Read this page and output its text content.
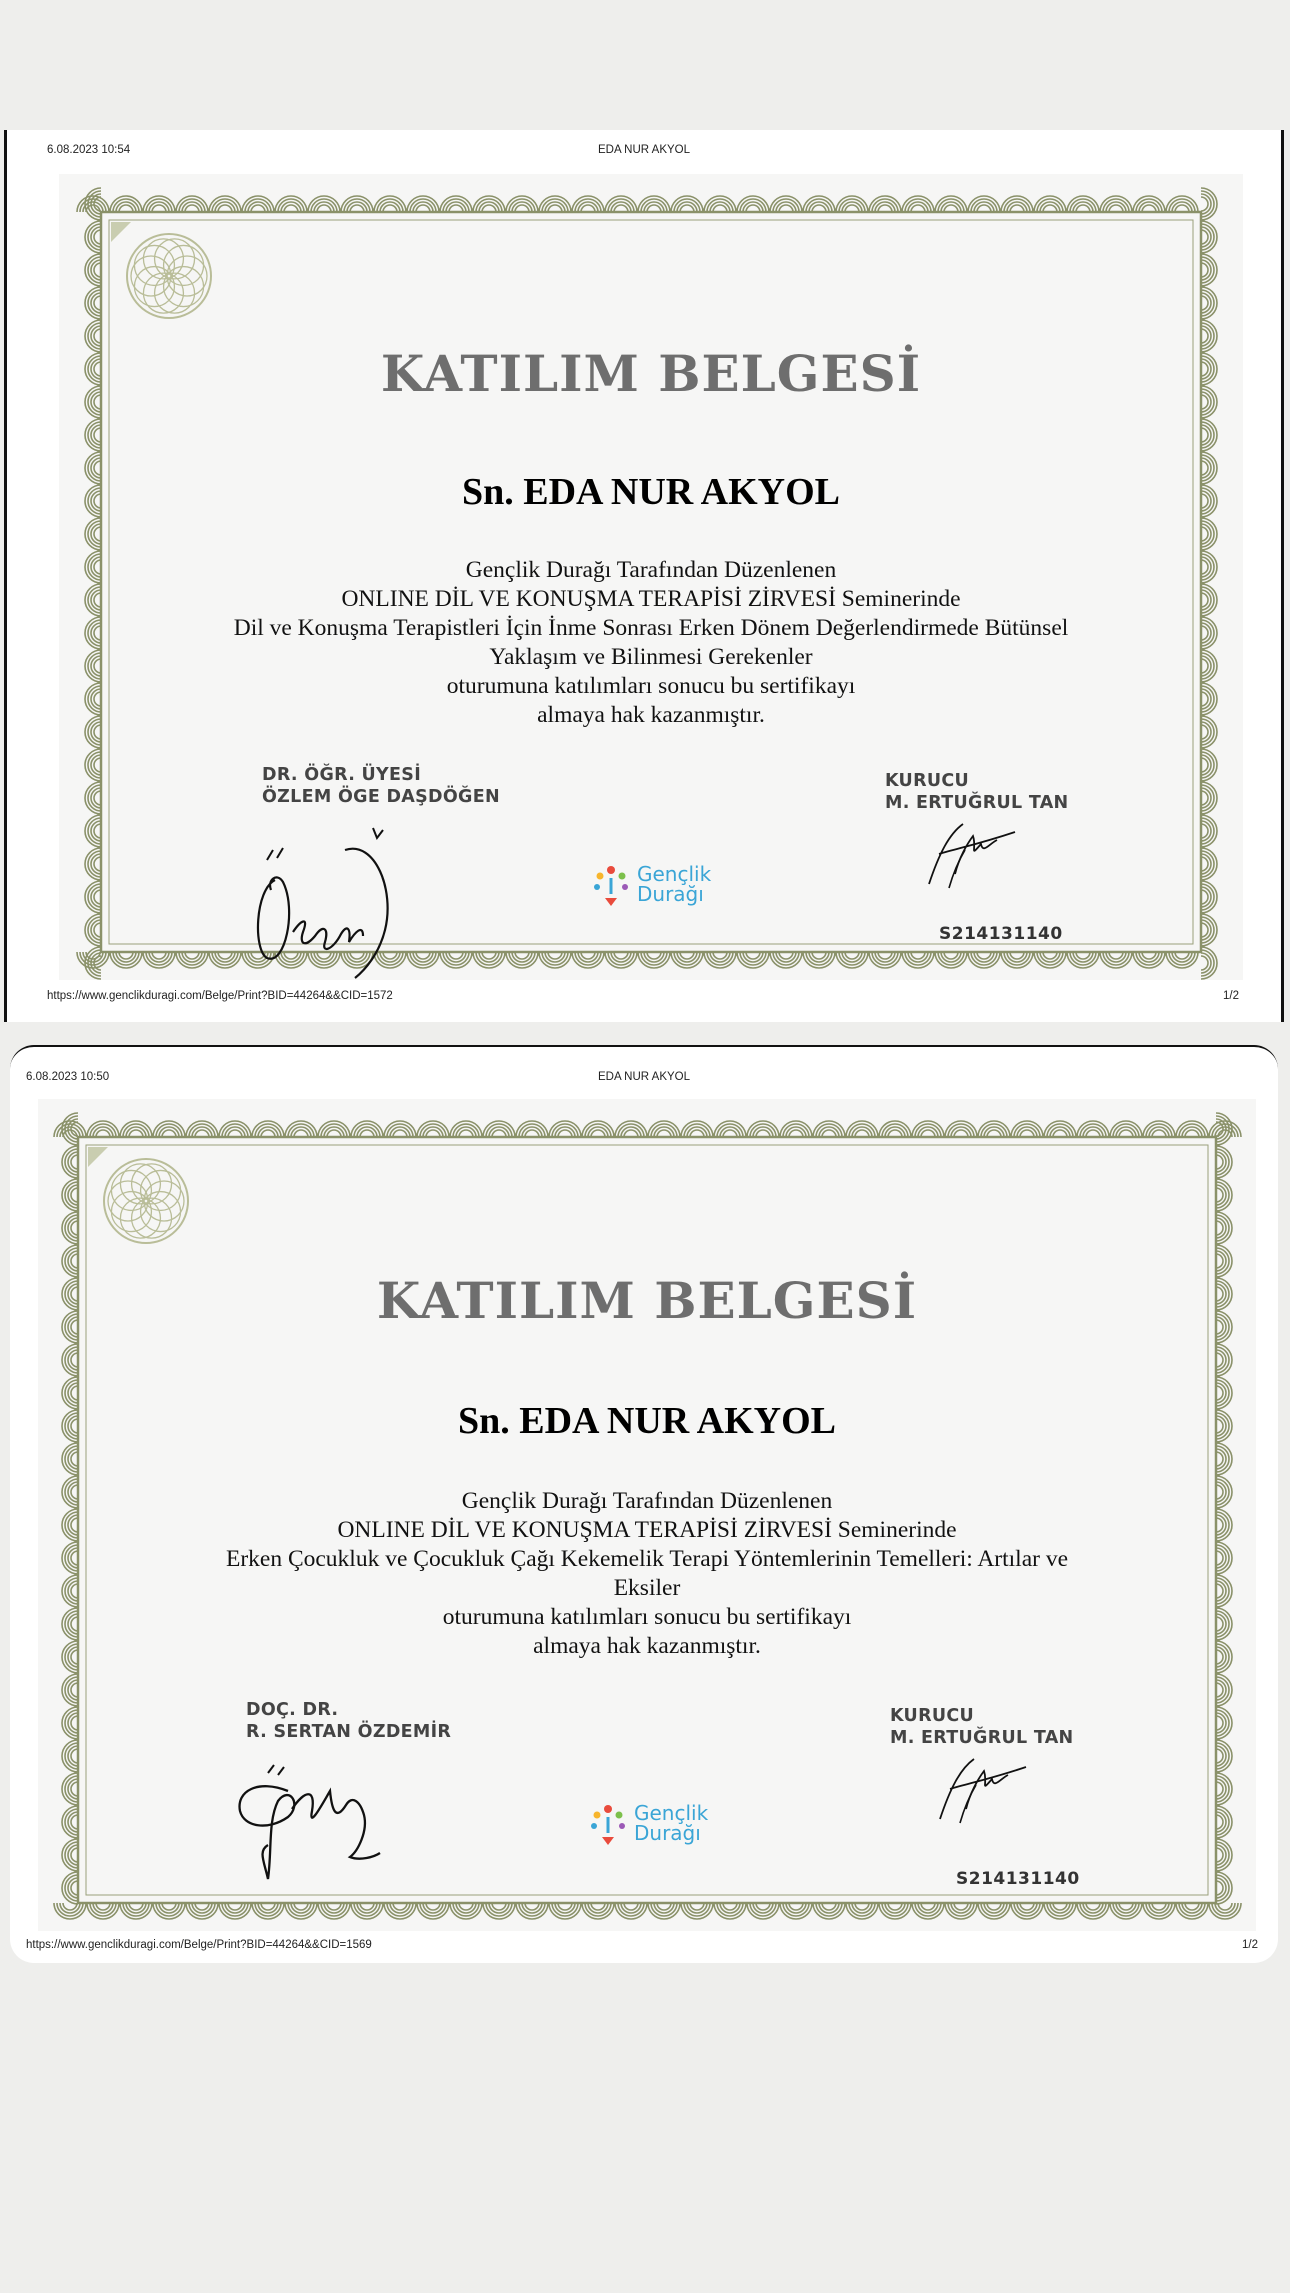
6.08.2023 10:54	EDA NUR AKYOL
KATILIM BELGESİ
Sn. EDA NUR AKYOL
Gençlik Durağı Tarafından Düzenlenen
ONLINE DİL VE KONUŞMA TERAPİSİ ZİRVESİ Seminerinde
Dil ve Konuşma Terapistleri İçin İnme Sonrası Erken Dönem Değerlendirmede Bütünsel
Yaklaşım ve Bilinmesi Gerekenler
oturumuna katılımları sonucu bu sertifikayı
almaya hak kazanmıştır.
DR. ÖĞR. ÜYESİ
ÖZLEM ÖGE DAŞDÖĞEN
KURUCU
M. ERTUĞRUL TAN
Gençlik
Durağı
S214131140
https://www.genclikduragi.com/Belge/Print?BID=44264&&CID=1572	1/2
6.08.2023 10:50	EDA NUR AKYOL
KATILIM BELGESİ
Sn. EDA NUR AKYOL
Gençlik Durağı Tarafından Düzenlenen
ONLINE DİL VE KONUŞMA TERAPİSİ ZİRVESİ Seminerinde
Erken Çocukluk ve Çocukluk Çağı Kekemelik Terapi Yöntemlerinin Temelleri: Artılar ve
Eksiler
oturumuna katılımları sonucu bu sertifikayı
almaya hak kazanmıştır.
DOÇ. DR.
R. SERTAN ÖZDEMİR
KURUCU
M. ERTUĞRUL TAN
Gençlik
Durağı
S214131140
https://www.genclikduragi.com/Belge/Print?BID=44264&&CID=1569	1/2
